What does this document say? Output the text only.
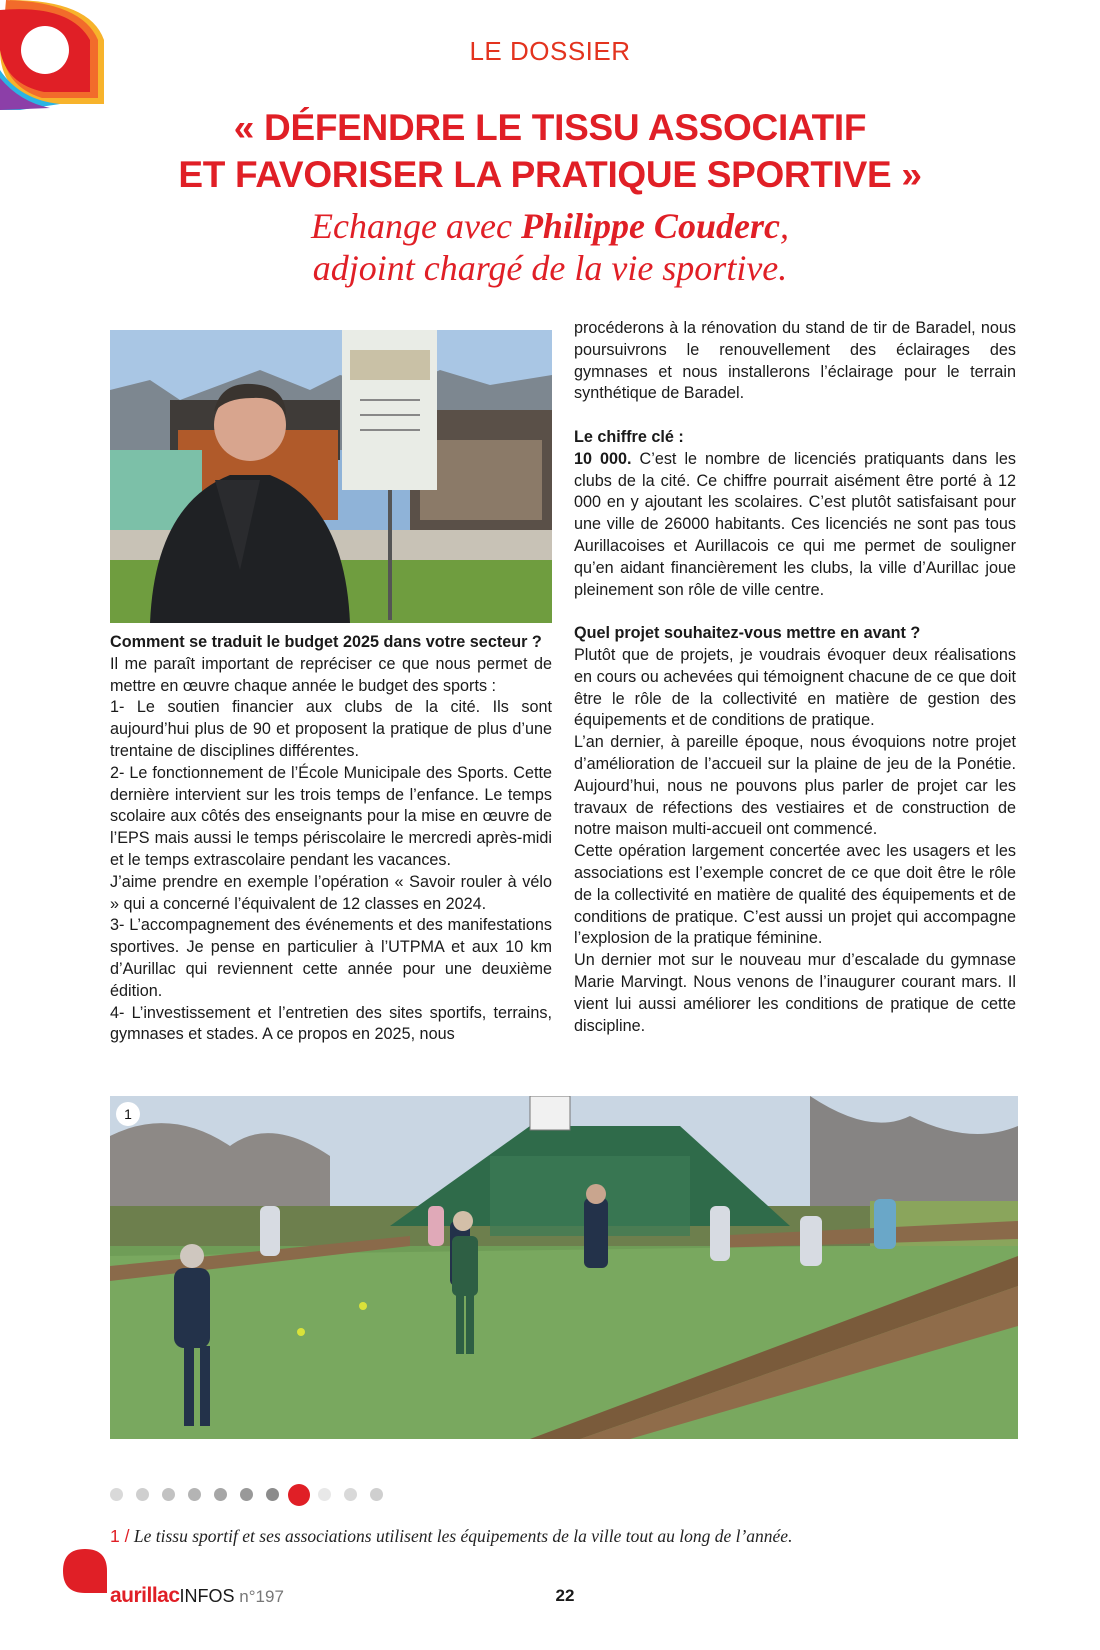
LE DOSSIER
« DÉFENDRE LE TISSU ASSOCIATIF
ET FAVORISER LA PRATIQUE SPORTIVE »
Echange avec Philippe Couderc,
adjoint chargé de la vie sportive.

Comment se traduit le budget 2025 dans votre secteur ?

Il me paraît important de repréciser ce que nous permet de mettre en œuvre chaque année le budget des sports :

1- Le soutien financier aux clubs de la cité. Ils sont aujourd’hui plus de 90 et proposent la pratique de plus d’une trentaine de disciplines différentes.

2- Le fonctionnement de l’École Municipale des Sports. Cette dernière intervient sur les trois temps de l’enfance. Le temps scolaire aux côtés des enseignants pour la mise en œuvre de l’EPS mais aussi le temps périscolaire le mercredi après-midi et le temps extrascolaire pendant les vacances.

J’aime prendre en exemple l’opération « Savoir rouler à vélo » qui a concerné l’équivalent de 12 classes en 2024.

3- L’accompagnement des événements et des manifestations sportives. Je pense en particulier à l’UTPMA et aux 10 km d’Aurillac qui reviennent cette année pour une deuxième édition.

4- L’investissement et l’entretien des sites sportifs, terrains, gymnases et stades. A ce propos en 2025, nous

procéderons à la rénovation du stand de tir de Baradel, nous poursuivrons le renouvellement des éclairages des gymnases et nous installerons l’éclairage pour le terrain synthétique de Baradel.

Le chiffre clé :

10 000. C’est le nombre de licenciés pratiquants dans les clubs de la cité. Ce chiffre pourrait aisément être porté à 12 000 en y ajoutant les scolaires. C’est plutôt satisfaisant pour une ville de 26000 habitants. Ces licenciés ne sont pas tous Aurillacoises et Aurillacois ce qui me permet de souligner qu’en aidant financièrement les clubs, la ville d’Aurillac joue pleinement son rôle de ville centre.

Quel projet souhaitez-vous mettre en avant ?

Plutôt que de projets, je voudrais évoquer deux réalisations en cours ou achevées qui témoignent chacune de ce que doit être le rôle de la collectivité en matière de gestion des équipements et de conditions de pratique.

L’an dernier, à pareille époque, nous évoquions notre projet d’amélioration de l’accueil sur la plaine de jeu de la Ponétie. Aujourd’hui, nous ne pouvons plus parler de projet car les travaux de réfections des vestiaires et de construction de notre maison multi-accueil ont commencé.

Cette opération largement concertée avec les usagers et les associations est l’exemple concret de ce que doit être le rôle de la collectivité en matière de qualité des équipements et de conditions de pratique. C’est aussi un projet qui accompagne l’explosion de la pratique féminine.

Un dernier mot sur le nouveau mur d’escalade du gymnase Marie Marvingt. Nous venons de l’inaugurer courant mars. Il vient lui aussi améliorer les conditions de pratique de cette discipline.

1
1 / Le tissu sportif et ses associations utilisent les équipements de la ville tout au long de l’année.
aurillacINFOS n°197	22
